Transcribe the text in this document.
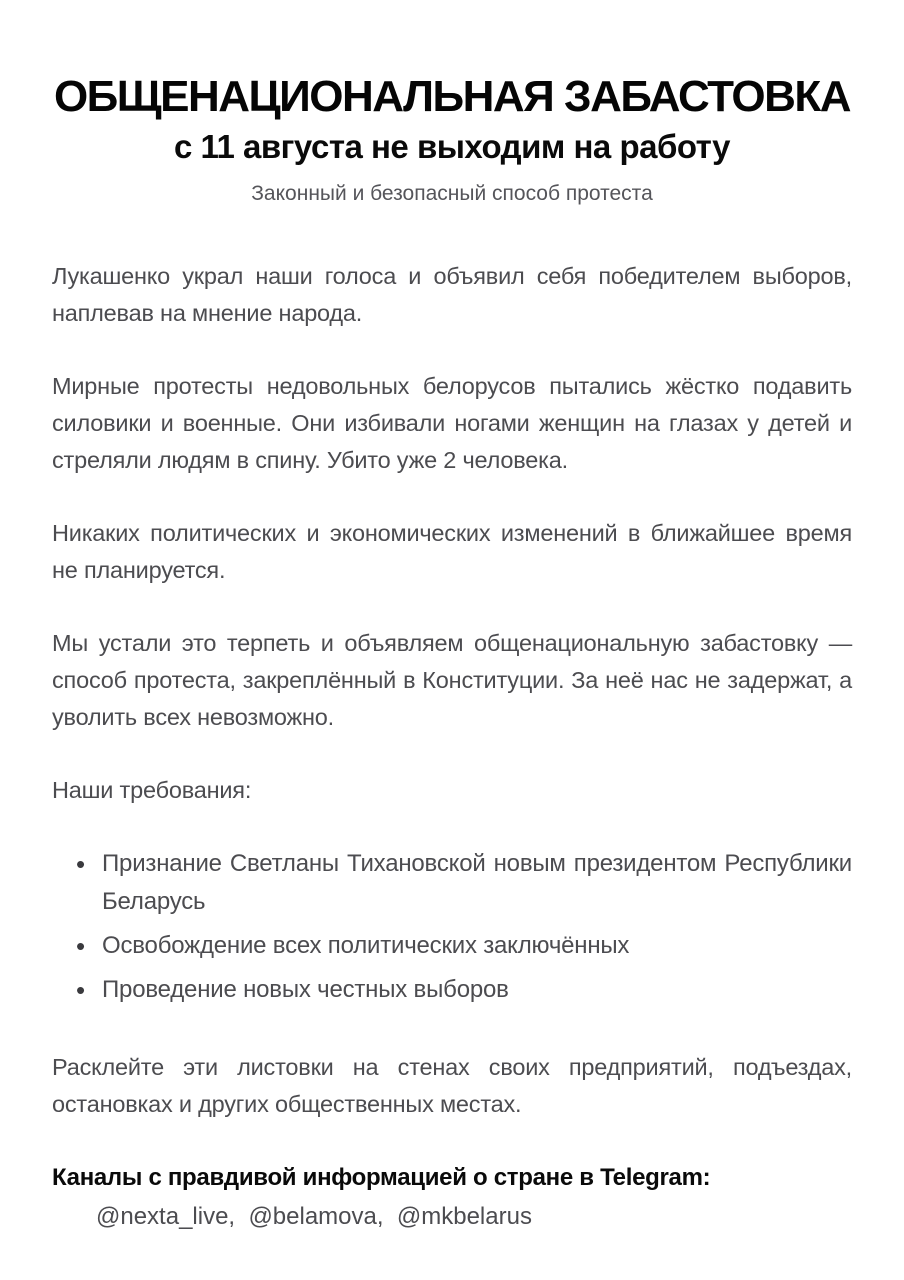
ОБЩЕНАЦИОНАЛЬНАЯ ЗАБАСТОВКА
с 11 августа не выходим на работу
Законный и безопасный способ протеста

Лукашенко украл наши голоса и объявил себя победителем выборов, наплевав на мнение народа.

Мирные протесты недовольных белорусов пытались жёстко подавить силовики и военные. Они избивали ногами женщин на глазах у детей и стреляли людям в спину. Убито уже 2 человека.

Никаких политических и экономических изменений в ближайшее время не планируется.

Мы устали это терпеть и объявляем общенациональную забастовку — способ протеста, закреплённый в Конституции. За неё нас не задержат, а уволить всех невозможно.

Наши требования:

• Признание Светланы Тихановской новым президентом Республики Беларусь
• Освобождение всех политических заключённых
• Проведение новых честных выборов

Расклейте эти листовки на стенах своих предприятий, подъездах, остановках и других общественных местах.

Каналы с правдивой информацией о стране в Telegram:

@nexta_live,  @belamova,  @mkbelarus
